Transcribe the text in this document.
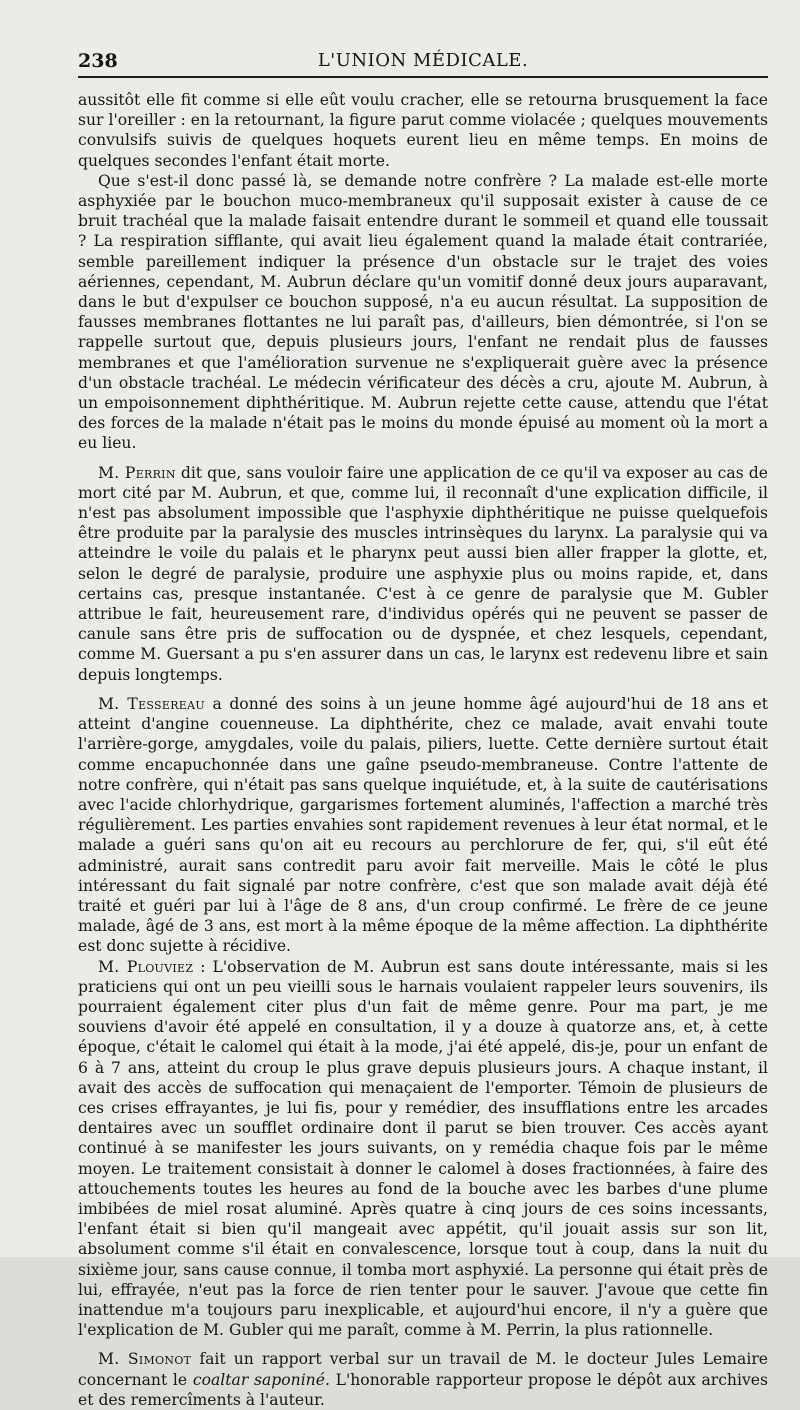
238	L'UNION MÉDICALE.

aussitôt elle fit comme si elle eût voulu cracher, elle se retourna brusquement la face sur l'oreiller : en la retournant, la figure parut comme violacée ; quelques mouvements convulsifs suivis de quelques hoquets eurent lieu en même temps. En moins de quelques secondes l'enfant était morte.

Que s'est-il donc passé là, se demande notre confrère ? La malade est-elle morte asphyxiée par le bouchon muco-membraneux qu'il supposait exister à cause de ce bruit trachéal que la malade faisait entendre durant le sommeil et quand elle toussait ? La respiration sifflante, qui avait lieu également quand la malade était contrariée, semble pareillement indiquer la présence d'un obstacle sur le trajet des voies aériennes, cependant, M. Aubrun déclare qu'un vomitif donné deux jours auparavant, dans le but d'expulser ce bouchon supposé, n'a eu aucun résultat. La supposition de fausses membranes flottantes ne lui paraît pas, d'ailleurs, bien démontrée, si l'on se rappelle surtout que, depuis plusieurs jours, l'enfant ne rendait plus de fausses membranes et que l'amélioration survenue ne s'expliquerait guère avec la présence d'un obstacle trachéal. Le médecin vérificateur des décès a cru, ajoute M. Aubrun, à un empoisonnement diphthéritique. M. Aubrun rejette cette cause, attendu que l'état des forces de la malade n'était pas le moins du monde épuisé au moment où la mort a eu lieu.

M. Perrin dit que, sans vouloir faire une application de ce qu'il va exposer au cas de mort cité par M. Aubrun, et que, comme lui, il reconnaît d'une explication difficile, il n'est pas absolument impossible que l'asphyxie diphthéritique ne puisse quelquefois être produite par la paralysie des muscles intrinsèques du larynx. La paralysie qui va atteindre le voile du palais et le pharynx peut aussi bien aller frapper la glotte, et, selon le degré de paralysie, produire une asphyxie plus ou moins rapide, et, dans certains cas, presque instantanée. C'est à ce genre de paralysie que M. Gubler attribue le fait, heureusement rare, d'individus opérés qui ne peuvent se passer de canule sans être pris de suffocation ou de dyspnée, et chez lesquels, cependant, comme M. Guersant a pu s'en assurer dans un cas, le larynx est redevenu libre et sain depuis longtemps.

M. Tessereau a donné des soins à un jeune homme âgé aujourd'hui de 18 ans et atteint d'angine couenneuse. La diphthérite, chez ce malade, avait envahi toute l'arrière-gorge, amygdales, voile du palais, piliers, luette. Cette dernière surtout était comme encapuchonnée dans une gaîne pseudo-membraneuse. Contre l'attente de notre confrère, qui n'était pas sans quelque inquiétude, et, à la suite de cautérisations avec l'acide chlorhydrique, gargarismes fortement aluminés, l'affection a marché très régulièrement. Les parties envahies sont rapidement revenues à leur état normal, et le malade a guéri sans qu'on ait eu recours au perchlorure de fer, qui, s'il eût été administré, aurait sans contredit paru avoir fait merveille. Mais le côté le plus intéressant du fait signalé par notre confrère, c'est que son malade avait déjà été traité et guéri par lui à l'âge de 8 ans, d'un croup confirmé. Le frère de ce jeune malade, âgé de 3 ans, est mort à la même époque de la même affection. La diphthérite est donc sujette à récidive.

M. Plouviez : L'observation de M. Aubrun est sans doute intéressante, mais si les praticiens qui ont un peu vieilli sous le harnais voulaient rappeler leurs souvenirs, ils pourraient également citer plus d'un fait de même genre. Pour ma part, je me souviens d'avoir été appelé en consultation, il y a douze à quatorze ans, et, à cette époque, c'était le calomel qui était à la mode, j'ai été appelé, dis-je, pour un enfant de 6 à 7 ans, atteint du croup le plus grave depuis plusieurs jours. A chaque instant, il avait des accès de suffocation qui menaçaient de l'emporter. Témoin de plusieurs de ces crises effrayantes, je lui fis, pour y remédier, des insufflations entre les arcades dentaires avec un soufflet ordinaire dont il parut se bien trouver. Ces accès ayant continué à se manifester les jours suivants, on y remédia chaque fois par le même moyen. Le traitement consistait à donner le calomel à doses fractionnées, à faire des attouchements toutes les heures au fond de la bouche avec les barbes d'une plume imbibées de miel rosat aluminé. Après quatre à cinq jours de ces soins incessants, l'enfant était si bien qu'il mangeait avec appétit, qu'il jouait assis sur son lit, absolument comme s'il était en convalescence, lorsque tout à coup, dans la nuit du sixième jour, sans cause connue, il tomba mort asphyxié. La personne qui était près de lui, effrayée, n'eut pas la force de rien tenter pour le sauver. J'avoue que cette fin inattendue m'a toujours paru inexplicable, et aujourd'hui encore, il n'y a guère que l'explication de M. Gubler qui me paraît, comme à M. Perrin, la plus rationnelle.

M. Simonot fait un rapport verbal sur un travail de M. le docteur Jules Lemaire concernant le coaltar saponiné. L'honorable rapporteur propose le dépôt aux archives et des remercîments à l'auteur.
